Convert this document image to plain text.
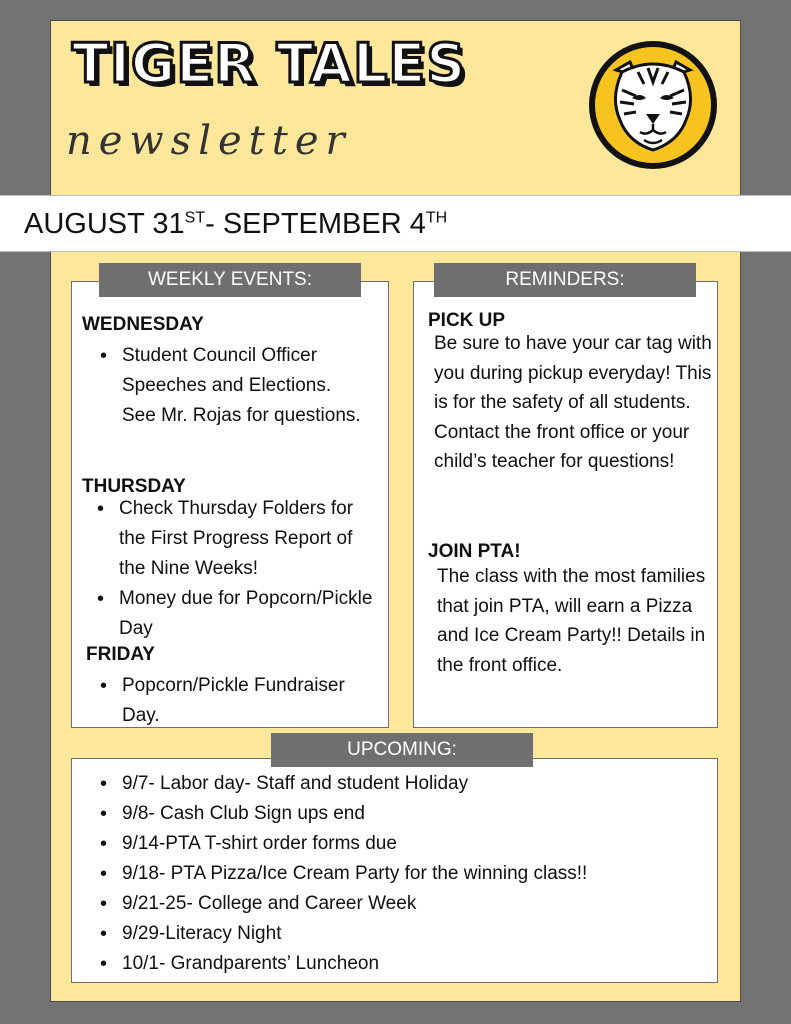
TIGER TALES
newsletter
AUGUST 31ST- SEPTEMBER 4TH
WEEKLY EVENTS:
WEDNESDAY
• Student Council Officer Speeches and Elections. See Mr. Rojas for questions.
THURSDAY
• Check Thursday Folders for the First Progress Report of the Nine Weeks!
• Money due for Popcorn/Pickle Day
FRIDAY
• Popcorn/Pickle Fundraiser Day.
REMINDERS:
PICK UP
Be sure to have your car tag with you during pickup everyday! This is for the safety of all students. Contact the front office or your child’s teacher for questions!
JOIN PTA!
The class with the most families that join PTA, will earn a Pizza and Ice Cream Party!! Details in the front office.
UPCOMING:
• 9/7- Labor day- Staff and student Holiday
• 9/8- Cash Club Sign ups end
• 9/14-PTA T-shirt order forms due
• 9/18- PTA Pizza/Ice Cream Party for the winning class!!
• 9/21-25- College and Career Week
• 9/29-Literacy Night
• 10/1- Grandparents’ Luncheon
